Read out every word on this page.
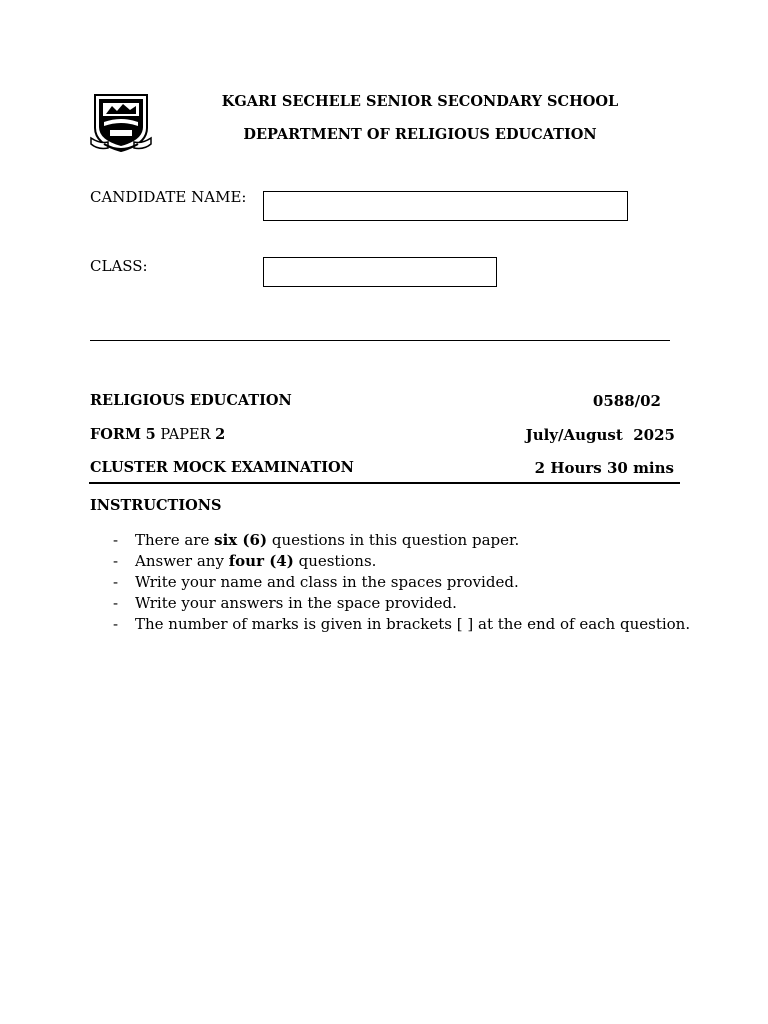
KGARI SECHELE SENIOR SECONDARY SCHOOL
DEPARTMENT OF RELIGIOUS EDUCATION
CANDIDATE NAME:
CLASS:
RELIGIOUS EDUCATION	0588/02
FORM 5 PAPER 2	July/August  2025
CLUSTER MOCK EXAMINATION	2 Hours 30 mins
INSTRUCTIONS
- There are six (6) questions in this question paper.
- Answer any four (4) questions.
- Write your name and class in the spaces provided.
- Write your answers in the space provided.
- The number of marks is given in brackets [ ] at the end of each question.
